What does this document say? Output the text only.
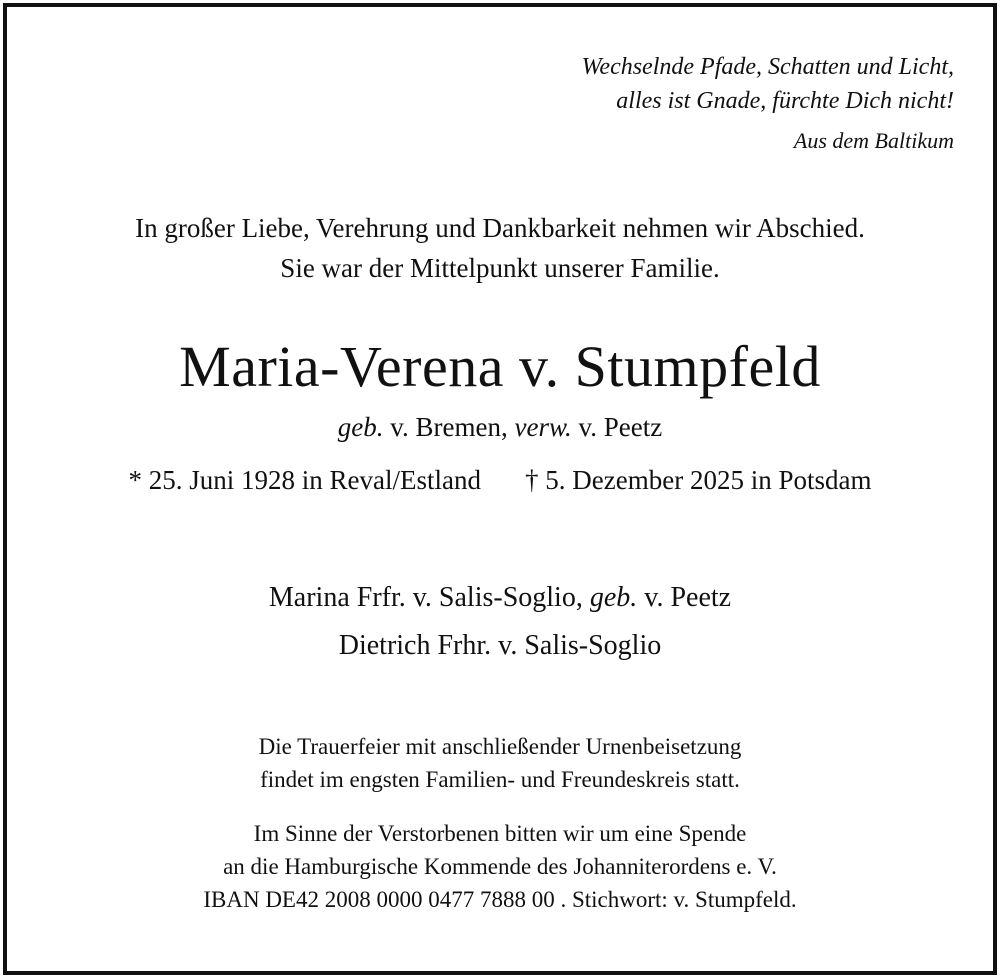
Wechselnde Pfade, Schatten und Licht,
alles ist Gnade, fürchte Dich nicht!
Aus dem Baltikum
In großer Liebe, Verehrung und Dankbarkeit nehmen wir Abschied.
Sie war der Mittelpunkt unserer Familie.
Maria-Verena v. Stumpfeld
geb. v. Bremen, verw. v. Peetz
* 25. Juni 1928 in Reval/Estland † 5. Dezember 2025 in Potsdam
Marina Frfr. v. Salis-Soglio, geb. v. Peetz
Dietrich Frhr. v. Salis-Soglio
Die Trauerfeier mit anschließender Urnenbeisetzung
findet im engsten Familien- und Freundeskreis statt.
Im Sinne der Verstorbenen bitten wir um eine Spende
an die Hamburgische Kommende des Johanniterordens e. V.
IBAN DE42 2008 0000 0477 7888 00 . Stichwort: v. Stumpfeld.
